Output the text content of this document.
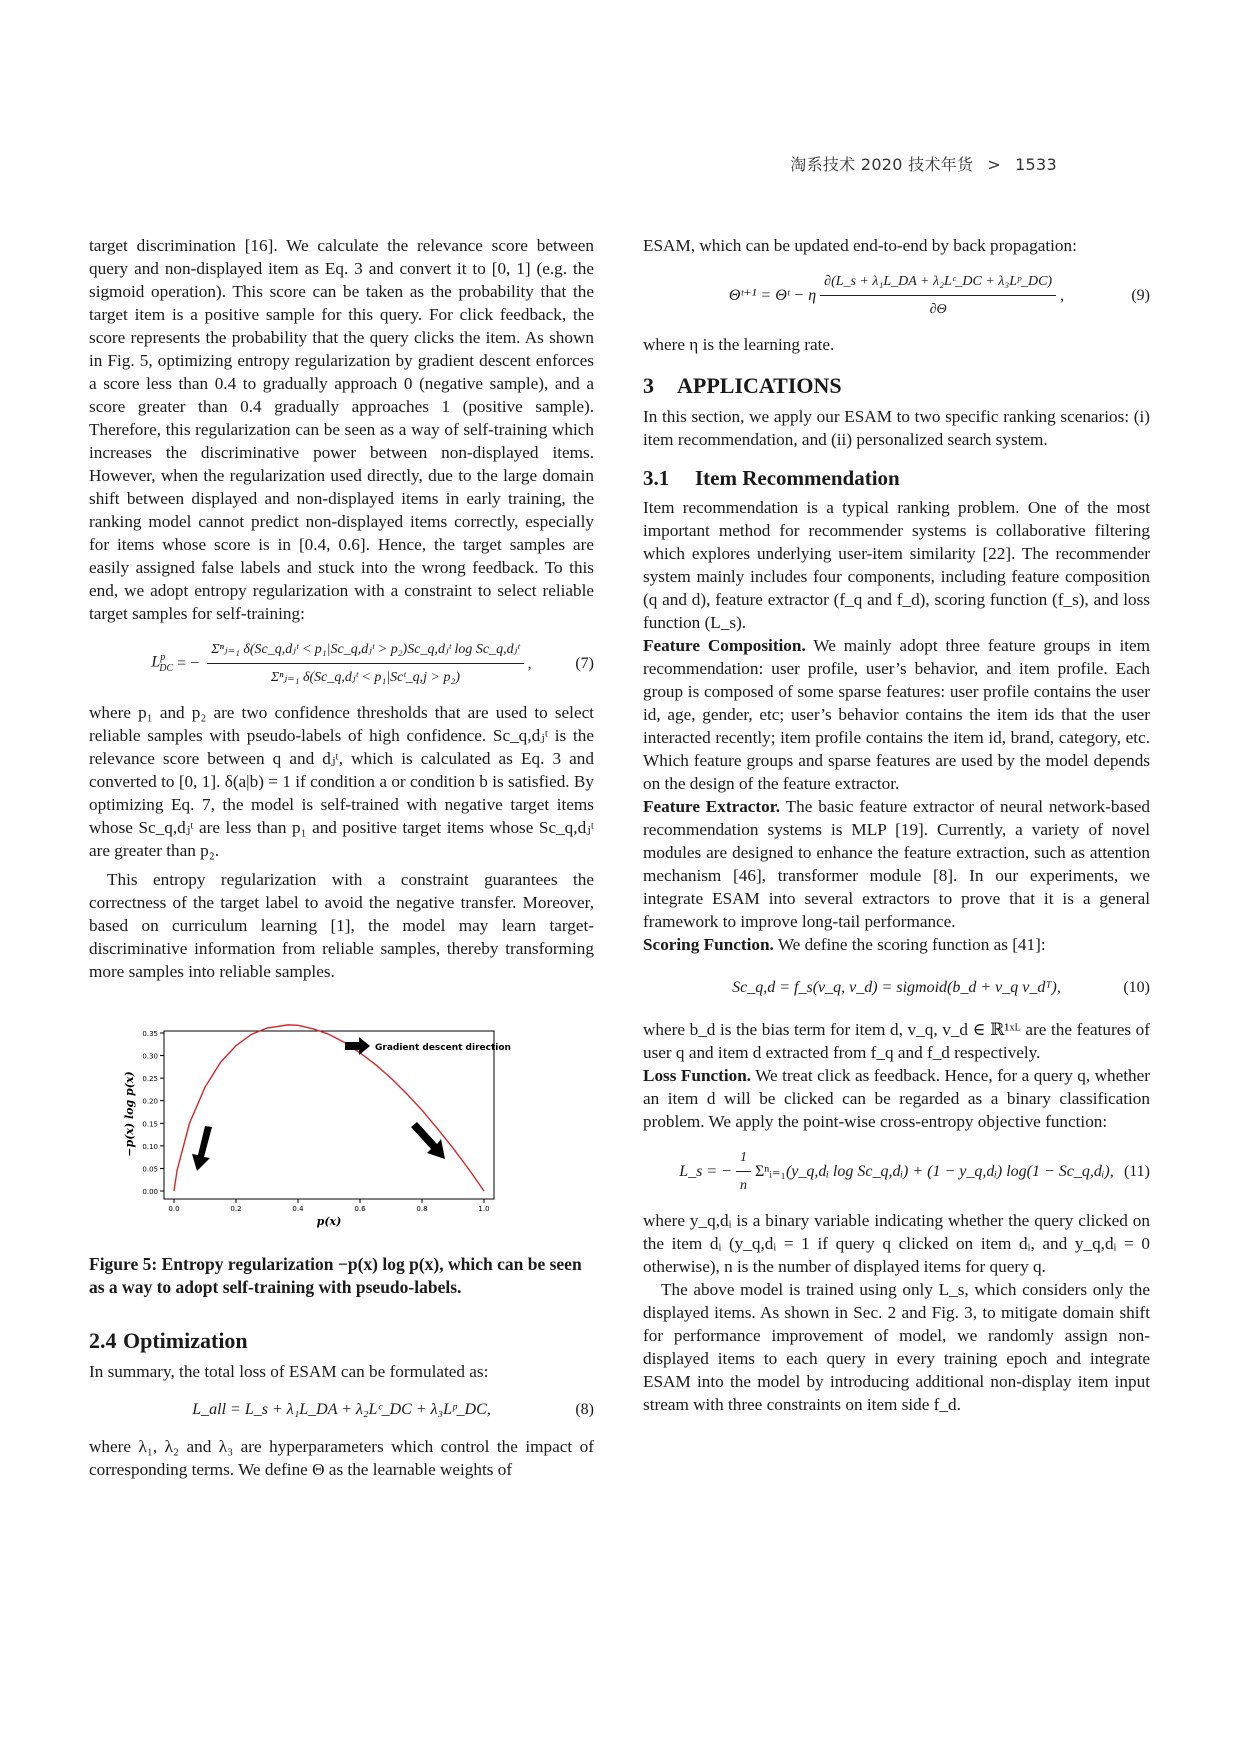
淘系技术 2020 技术年货 > 1533

target discrimination [16]. We calculate the relevance score between query and non-displayed item as Eq. 3 and convert it to [0, 1] (e.g. the sigmoid operation). This score can be taken as the probability that the target item is a positive sample for this query. For click feedback, the score represents the probability that the query clicks the item. As shown in Fig. 5, optimizing entropy regularization by gradient descent enforces a score less than 0.4 to gradually approach 0 (negative sample), and a score greater than 0.4 gradually approaches 1 (positive sample). Therefore, this regularization can be seen as a way of self-training which increases the discriminative power between non-displayed items. However, when the regularization used directly, due to the large domain shift between displayed and non-displayed items in early training, the ranking model cannot predict non-displayed items correctly, especially for items whose score is in [0.4, 0.6]. Hence, the target samples are easily assigned false labels and stuck into the wrong feedback. To this end, we adopt entropy regularization with a constraint to select reliable target samples for self-training:

$L^p_{DC}$ = − $\frac{\text{Σⁿⱼ₌₁ δ(Sc\_q,dⱼᵗ < p₁|Sc\_q,dⱼᵗ > p₂)Sc\_q,dⱼᵗ log Sc\_q,dⱼᵗ}}{\text{Σⁿⱼ₌₁ δ(Sc\_q,dⱼᵗ < p₁|Scᵗ\_q,j > p₂)}}$ ,	(7)

where p₁ and p₂ are two confidence thresholds that are used to select reliable samples with pseudo-labels of high confidence. Sc_q,dⱼᵗ is the relevance score between q and dⱼᵗ, which is calculated as Eq. 3 and converted to [0, 1]. δ(a|b) = 1 if condition a or condition b is satisfied. By optimizing Eq. 7, the model is self-trained with negative target items whose Sc_q,dⱼᵗ are less than p₁ and positive target items whose Sc_q,dⱼᵗ are greater than p₂.

This entropy regularization with a constraint guarantees the correctness of the target label to avoid the negative transfer. Moreover, based on curriculum learning [1], the model may learn target-discriminative information from reliable samples, thereby transforming more samples into reliable samples.

0.00
0.05
0.10
0.15
0.20
0.25
0.30
0.35
0.0	0.2	0.4	0.6	0.8	1.0
p(x)
−p(x) log p(x)
Gradient descent direction

Figure 5: Entropy regularization −p(x) log p(x), which can be seen as a way to adopt self-training with pseudo-labels.

2.4 Optimization

In summary, the total loss of ESAM can be formulated as:

L_all = L_s + λ₁L_DA + λ₂Lᶜ_DC + λ₃Lᵖ_DC,	(8)

where λ₁, λ₂ and λ₃ are hyperparameters which control the impact of corresponding terms. We define Θ as the learnable weights of

ESAM, which can be updated end-to-end by back propagation:

Θᵗ⁺¹ = Θᵗ − η $\frac{\text{∂(L\_s + λ₁L\_DA + λ₂Lᶜ\_DC + λ₃Lᵖ\_DC)}}{\partial\Theta}$ ,	(9)

where η is the learning rate.

3 APPLICATIONS

In this section, we apply our ESAM to two specific ranking scenarios: (i) item recommendation, and (ii) personalized search system.

3.1 Item Recommendation

Item recommendation is a typical ranking problem. One of the most important method for recommender systems is collaborative filtering which explores underlying user-item similarity [22]. The recommender system mainly includes four components, including feature composition (q and d), feature extractor (f_q and f_d), scoring function (f_s), and loss function (L_s).

Feature Composition. We mainly adopt three feature groups in item recommendation: user profile, user’s behavior, and item profile. Each group is composed of some sparse features: user profile contains the user id, age, gender, etc; user’s behavior contains the item ids that the user interacted recently; item profile contains the item id, brand, category, etc. Which feature groups and sparse features are used by the model depends on the design of the feature extractor.

Feature Extractor. The basic feature extractor of neural network-based recommendation systems is MLP [19]. Currently, a variety of novel modules are designed to enhance the feature extraction, such as attention mechanism [46], transformer module [8]. In our experiments, we integrate ESAM into several extractors to prove that it is a general framework to improve long-tail performance.

Scoring Function. We define the scoring function as [41]:

Sc_q,d = f_s(v_q, v_d) = sigmoid(b_d + v_q v_dᵀ),	(10)

where b_d is the bias term for item d, v_q, v_d ∈ ℝ¹ˣᴸ are the features of user q and item d extracted from f_q and f_d respectively.

Loss Function. We treat click as feedback. Hence, for a query q, whether an item d will be clicked can be regarded as a binary classification problem. We apply the point-wise cross-entropy objective function:

L_s = − $\frac{1}{n}$ Σⁿᵢ₌₁ (y_q,dᵢ log Sc_q,dᵢ) + (1 − y_q,dᵢ) log(1 − Sc_q,dᵢ), (11)

where y_q,dᵢ is a binary variable indicating whether the query clicked on the item dᵢ (y_q,dᵢ = 1 if query q clicked on item dᵢ, and y_q,dᵢ = 0 otherwise), n is the number of displayed items for query q.

The above model is trained using only L_s, which considers only the displayed items. As shown in Sec. 2 and Fig. 3, to mitigate domain shift for performance improvement of model, we randomly assign non-displayed items to each query in every training epoch and integrate ESAM into the model by introducing additional non-display item input stream with three constraints on item side f_d.
